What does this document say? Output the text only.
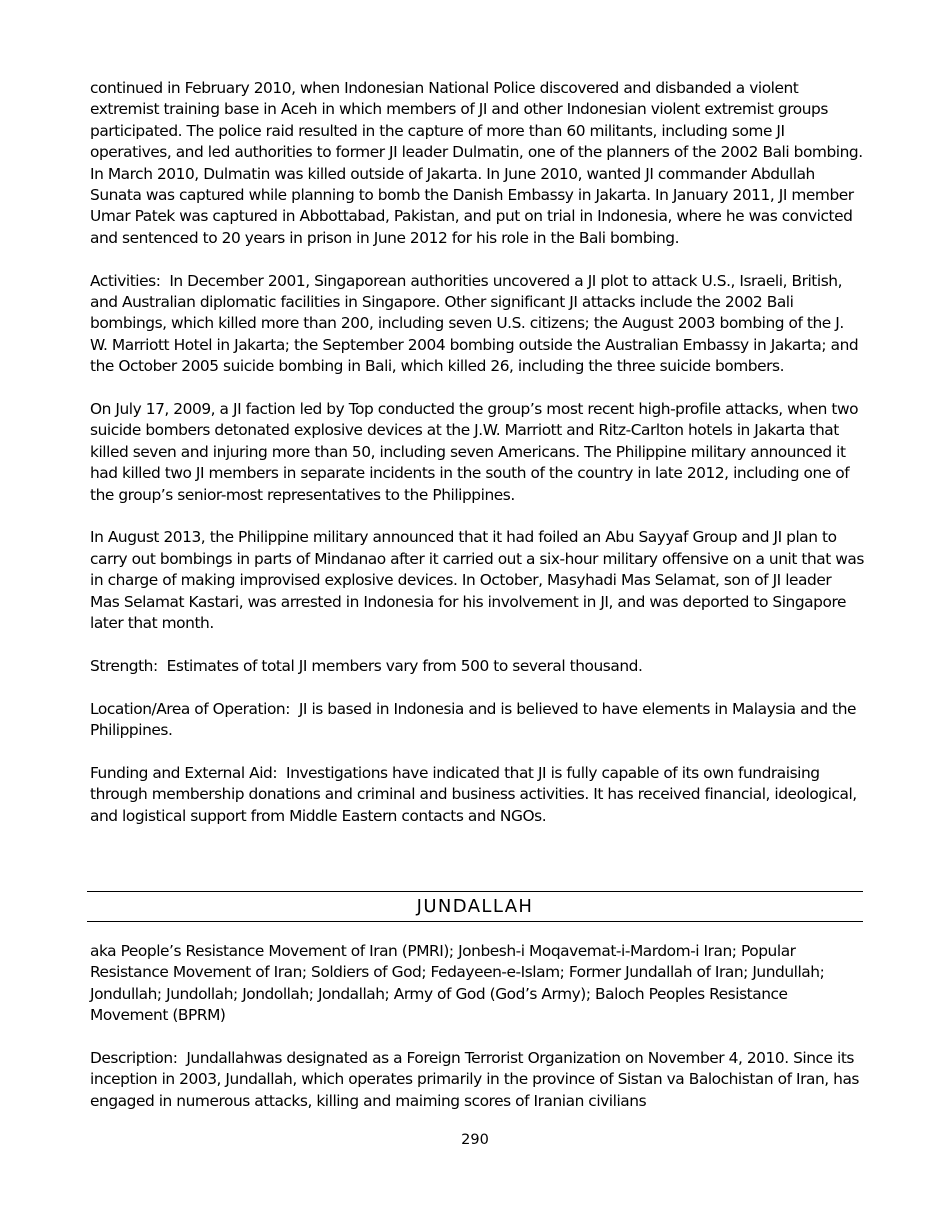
continued in February 2010, when Indonesian National Police discovered and disbanded a violent extremist training base in Aceh in which members of JI and other Indonesian violent extremist groups participated. The police raid resulted in the capture of more than 60 militants, including some JI operatives, and led authorities to former JI leader Dulmatin, one of the planners of the 2002 Bali bombing. In March 2010, Dulmatin was killed outside of Jakarta. In June 2010, wanted JI commander Abdullah Sunata was captured while planning to bomb the Danish Embassy in Jakarta. In January 2011, JI member Umar Patek was captured in Abbottabad, Pakistan, and put on trial in Indonesia, where he was convicted and sentenced to 20 years in prison in June 2012 for his role in the Bali bombing.

Activities: In December 2001, Singaporean authorities uncovered a JI plot to attack U.S., Israeli, British, and Australian diplomatic facilities in Singapore. Other significant JI attacks include the 2002 Bali bombings, which killed more than 200, including seven U.S. citizens; the August 2003 bombing of the J. W. Marriott Hotel in Jakarta; the September 2004 bombing outside the Australian Embassy in Jakarta; and the October 2005 suicide bombing in Bali, which killed 26, including the three suicide bombers.

On July 17, 2009, a JI faction led by Top conducted the group’s most recent high-profile attacks, when two suicide bombers detonated explosive devices at the J.W. Marriott and Ritz-Carlton hotels in Jakarta that killed seven and injuring more than 50, including seven Americans. The Philippine military announced it had killed two JI members in separate incidents in the south of the country in late 2012, including one of the group’s senior-most representatives to the Philippines.

In August 2013, the Philippine military announced that it had foiled an Abu Sayyaf Group and JI plan to carry out bombings in parts of Mindanao after it carried out a six-hour military offensive on a unit that was in charge of making improvised explosive devices. In October, Masyhadi Mas Selamat, son of JI leader Mas Selamat Kastari, was arrested in Indonesia for his involvement in JI, and was deported to Singapore later that month.

Strength: Estimates of total JI members vary from 500 to several thousand.

Location/Area of Operation: JI is based in Indonesia and is believed to have elements in Malaysia and the Philippines.

Funding and External Aid: Investigations have indicated that JI is fully capable of its own fundraising through membership donations and criminal and business activities. It has received financial, ideological, and logistical support from Middle Eastern contacts and NGOs.

JUNDALLAH

aka People’s Resistance Movement of Iran (PMRI); Jonbesh-i Moqavemat-i-Mardom-i Iran; Popular Resistance Movement of Iran; Soldiers of God; Fedayeen-e-Islam; Former Jundallah of Iran; Jundullah; Jondullah; Jundollah; Jondollah; Jondallah; Army of God (God’s Army); Baloch Peoples Resistance Movement (BPRM)

Description: Jundallahwas designated as a Foreign Terrorist Organization on November 4, 2010. Since its inception in 2003, Jundallah, which operates primarily in the province of Sistan va Balochistan of Iran, has engaged in numerous attacks, killing and maiming scores of Iranian civilians

290
